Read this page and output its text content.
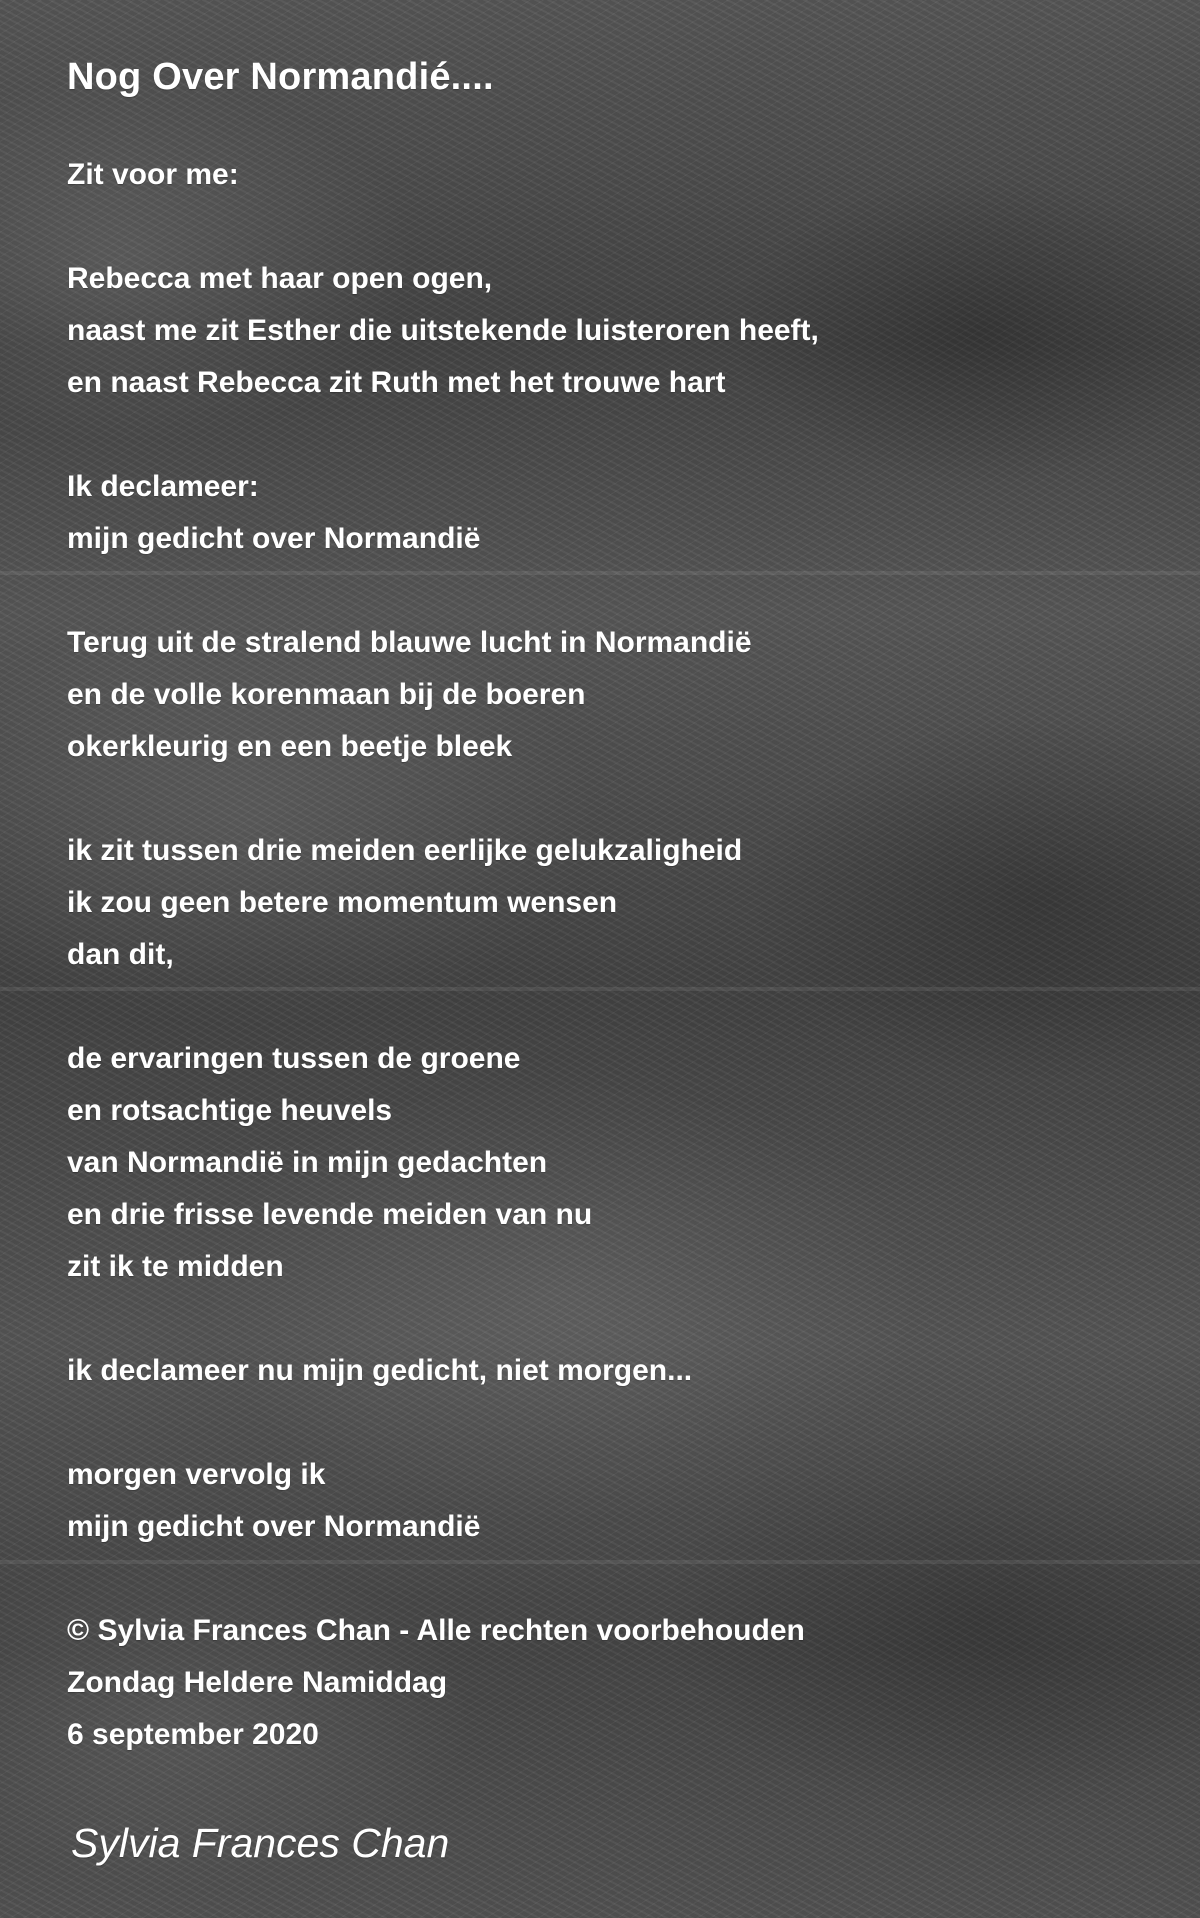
Nog Over Normandié....
Zit voor me:
Rebecca met haar open ogen,
naast me zit Esther die uitstekende luisteroren heeft,
en naast Rebecca zit Ruth met het trouwe hart
Ik declameer:
mijn gedicht over Normandië
Terug uit de stralend blauwe lucht in Normandië
en de volle korenmaan bij de boeren
okerkleurig en een beetje bleek
ik zit tussen drie meiden eerlijke gelukzaligheid
ik zou geen betere momentum wensen
dan dit,
de ervaringen tussen de groene
en rotsachtige heuvels
van Normandië in mijn gedachten
en drie frisse levende meiden van nu
zit ik te midden
ik declameer nu mijn gedicht, niet morgen...
morgen vervolg ik
mijn gedicht over Normandië
© Sylvia Frances Chan - Alle rechten voorbehouden
Zondag Heldere Namiddag
6 september 2020
Sylvia Frances Chan
